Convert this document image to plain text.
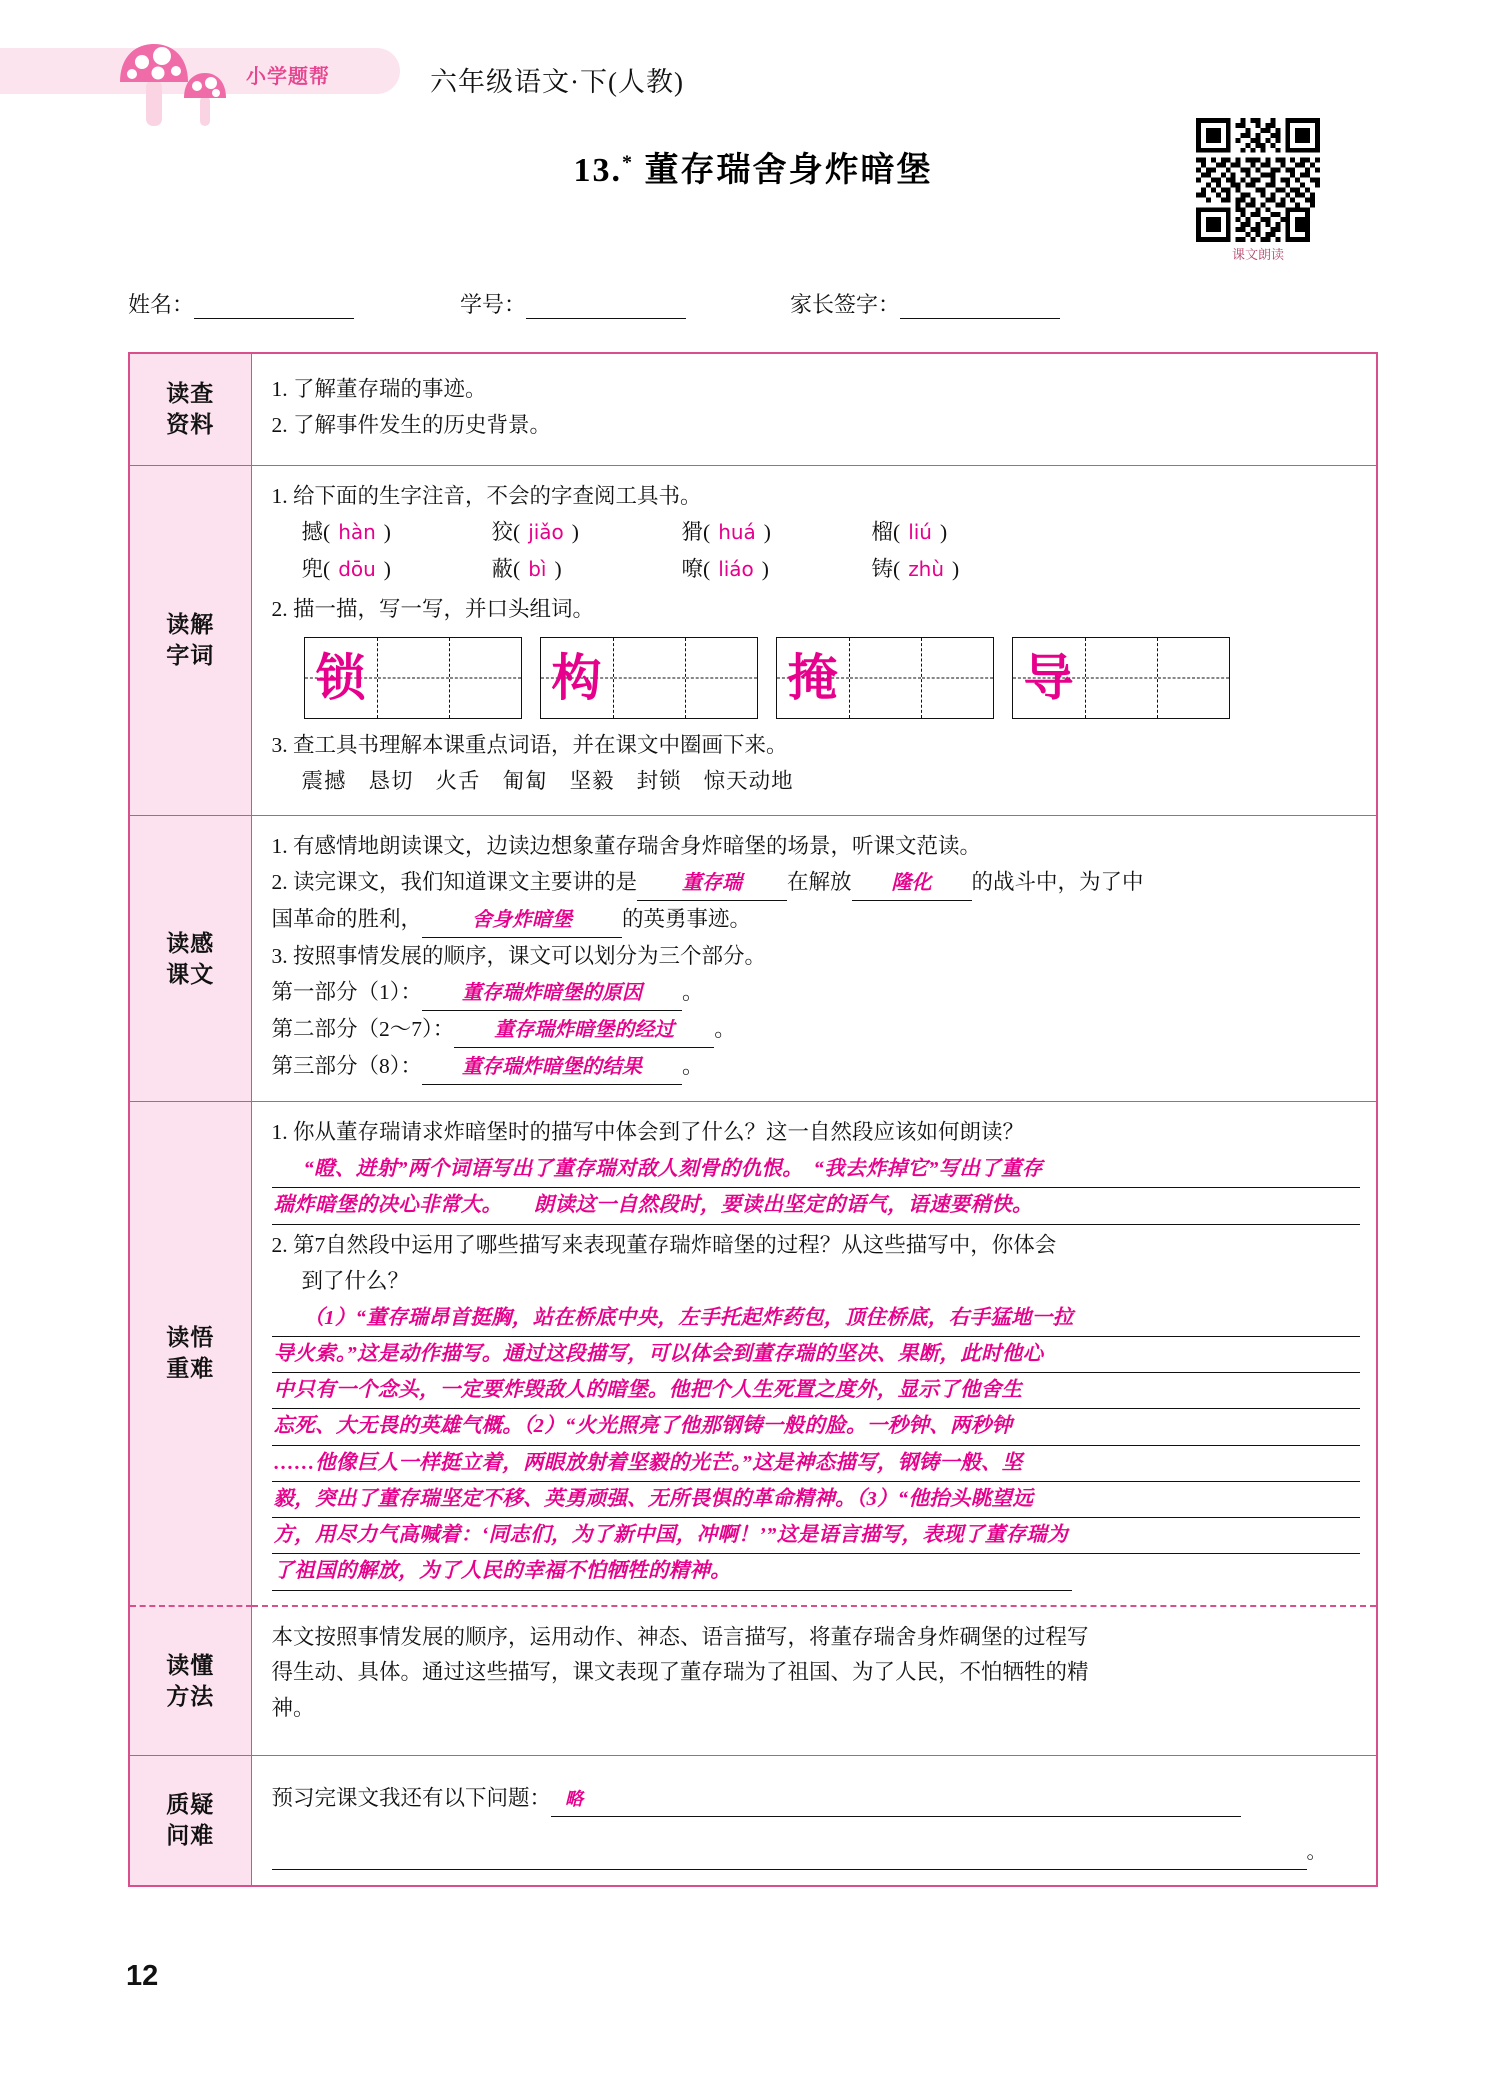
小学题帮	六年级语文·下(人教)
13.* 董存瑞舍身炸暗堡
课文朗读
姓名：	学号：	家长签字：
读查
资料

1. 了解董存瑞的事迹。

2. 了解事件发生的历史背景。

读解
字词

1. 给下面的生字注音，不会的字查阅工具书。

撼( hàn )	狡( jiǎo )	猾( huá )	榴( liú )
兜( dōu )	蔽( bì )	嘹( liáo )	铸( zhù )

2. 描一描，写一写，并口头组词。

锁	构	掩	导

3. 查工具书理解本课重点词语，并在课文中圈画下来。

震撼 恳切 火舌 匍匐 坚毅 封锁 惊天动地

读感
课文

1. 有感情地朗读课文，边读边想象董存瑞舍身炸暗堡的场景，听课文范读。

2. 读完课文，我们知道课文主要讲的是 董存瑞 在解放 隆化 的战斗中，为了中

国革命的胜利，	舍身炸暗堡 的英勇事迹。

3. 按照事情发展的顺序，课文可以划分为三个部分。

第一部分（1）： 董存瑞炸暗堡的原因 。

第二部分（2～7）： 董存瑞炸暗堡的经过 。

第三部分（8）： 董存瑞炸暗堡的结果 。

读悟
重难

1. 你从董存瑞请求炸暗堡时的描写中体会到了什么？这一自然段应该如何朗读？

“瞪、迸射”两个词语写出了董存瑞对敌人刻骨的仇恨。　“我去炸掉它”写出了董存
瑞炸暗堡的决心非常大。　　朗读这一自然段时，要读出坚定的语气，语速要稍快。

2. 第7自然段中运用了哪些描写来表现董存瑞炸暗堡的过程？从这些描写中，你体会

到了什么？

（1）“董存瑞昂首挺胸，站在桥底中央，左手托起炸药包，顶住桥底，右手猛地一拉
导火索。”这是动作描写。通过这段描写，可以体会到董存瑞的坚决、果断，此时他心
中只有一个念头，一定要炸毁敌人的暗堡。他把个人生死置之度外，显示了他舍生
忘死、大无畏的英雄气概。（2）“火光照亮了他那钢铸一般的脸。一秒钟、两秒钟
……他像巨人一样挺立着，两眼放射着坚毅的光芒。”这是神态描写，钢铸一般、坚
毅，突出了董存瑞坚定不移、英勇顽强、无所畏惧的革命精神。（3）“他抬头眺望远
方，用尽力气高喊着：‘同志们，为了新中国，冲啊！’”这是语言描写，表现了董存瑞为
了祖国的解放，为了人民的幸福不怕牺牲的精神。

读懂
方法

本文按照事情发展的顺序，运用动作、神态、语言描写，将董存瑞舍身炸碉堡的过程写

得生动、具体。通过这些描写，课文表现了董存瑞为了祖国、为了人民，不怕牺牲的精

神。

质疑
问难

预习完课文我还有以下问题： 略
。
12
